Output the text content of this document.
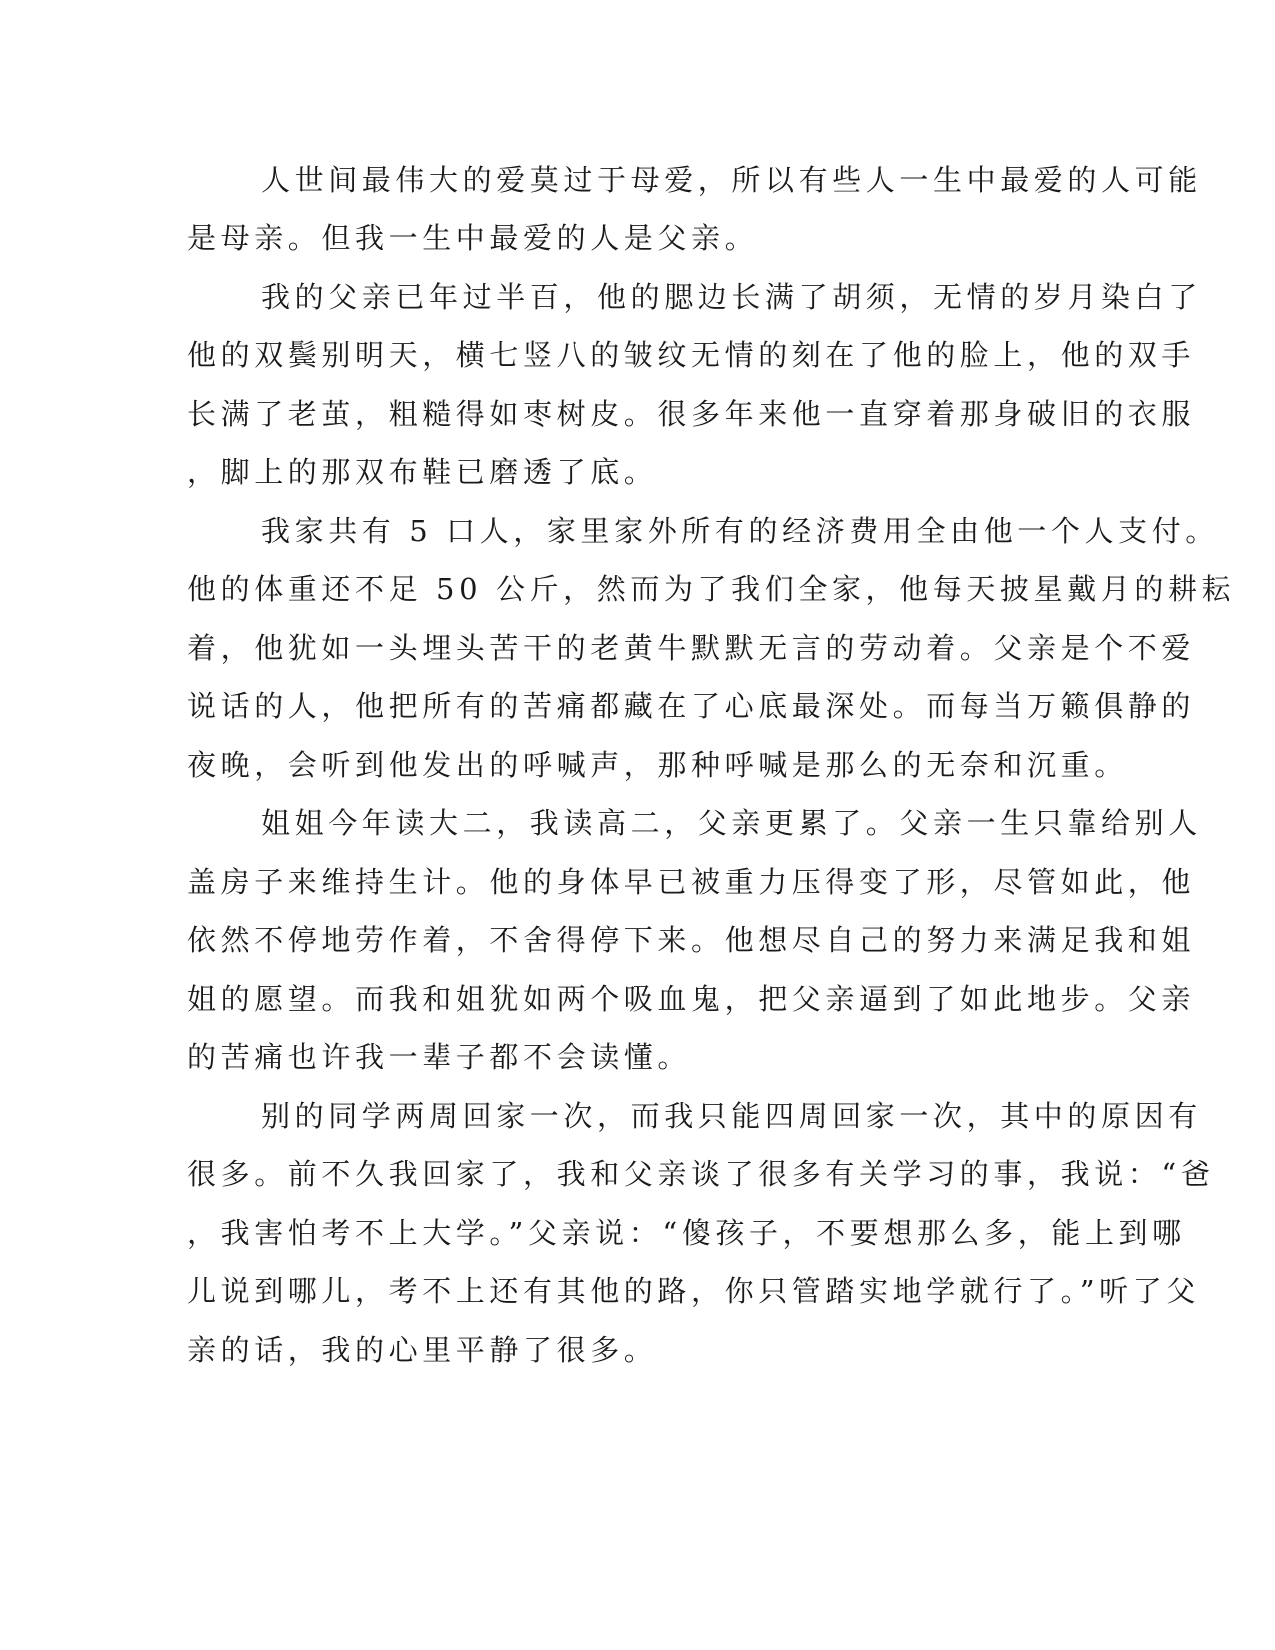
人世间最伟大的爱莫过于母爱，所以有些人一生中最爱的人可能
是母亲。但我一生中最爱的人是父亲。
我的父亲已年过半百，他的腮边长满了胡须，无情的岁月染白了
他的双鬓别明天，横七竖八的皱纹无情的刻在了他的脸上，他的双手
长满了老茧，粗糙得如枣树皮。很多年来他一直穿着那身破旧的衣服
，脚上的那双布鞋已磨透了底。
我家共有 5 口人，家里家外所有的经济费用全由他一个人支付。
他的体重还不足 50 公斤，然而为了我们全家，他每天披星戴月的耕耘
着，他犹如一头埋头苦干的老黄牛默默无言的劳动着。父亲是个不爱
说话的人，他把所有的苦痛都藏在了心底最深处。而每当万籁俱静的
夜晚，会听到他发出的呼喊声，那种呼喊是那么的无奈和沉重。
姐姐今年读大二，我读高二，父亲更累了。父亲一生只靠给别人
盖房子来维持生计。他的身体早已被重力压得变了形，尽管如此，他
依然不停地劳作着，不舍得停下来。他想尽自己的努力来满足我和姐
姐的愿望。而我和姐犹如两个吸血鬼，把父亲逼到了如此地步。父亲
的苦痛也许我一辈子都不会读懂。
别的同学两周回家一次，而我只能四周回家一次，其中的原因有
很多。前不久我回家了，我和父亲谈了很多有关学习的事，我说：“爸
，我害怕考不上大学。”父亲说：“傻孩子，不要想那么多，能上到哪
儿说到哪儿，考不上还有其他的路，你只管踏实地学就行了。”听了父
亲的话，我的心里平静了很多。
